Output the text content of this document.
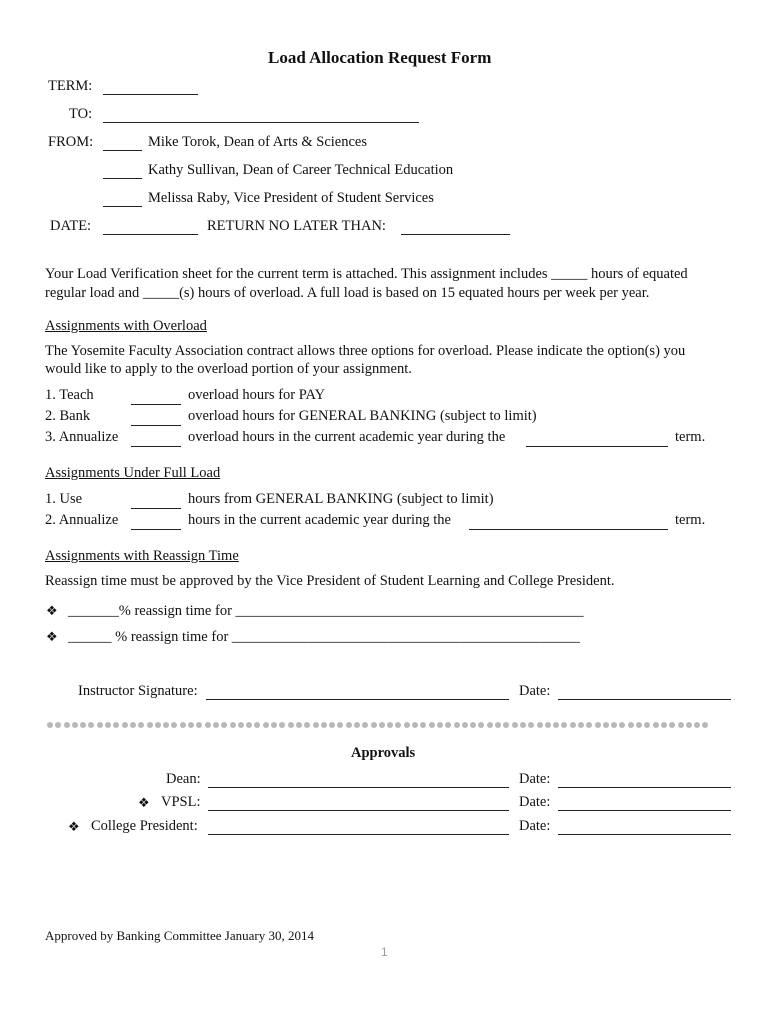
Load Allocation Request Form
TERM:
TO:
FROM:	Mike Torok, Dean of Arts & Sciences
Kathy Sullivan, Dean of Career Technical Education
Melissa Raby, Vice President of Student Services
DATE:	RETURN NO LATER THAN:
Your Load Verification sheet for the current term is attached. This assignment includes _____ hours of equated
regular load and _____(s) hours of overload. A full load is based on 15 equated hours per week per year.
Assignments with Overload
The Yosemite Faculty Association contract allows three options for overload. Please indicate the option(s) you
would like to apply to the overload portion of your assignment.
1. Teach	overload hours for PAY
2. Bank	overload hours for GENERAL BANKING (subject to limit)
3. Annualize	overload hours in the current academic year during the	term.
Assignments Under Full Load
1. Use	hours from GENERAL BANKING (subject to limit)
2. Annualize	hours in the current academic year during the	term.
Assignments with Reassign Time
Reassign time must be approved by the Vice President of Student Learning and College President.
❖ _______% reassign time for ________________________________________________
❖ ______ % reassign time for ________________________________________________
Instructor Signature:	Date:
Approvals
Dean:	Date:
❖ VPSL:	Date:
❖ College President:	Date:
Approved by Banking Committee January 30, 2014
1
